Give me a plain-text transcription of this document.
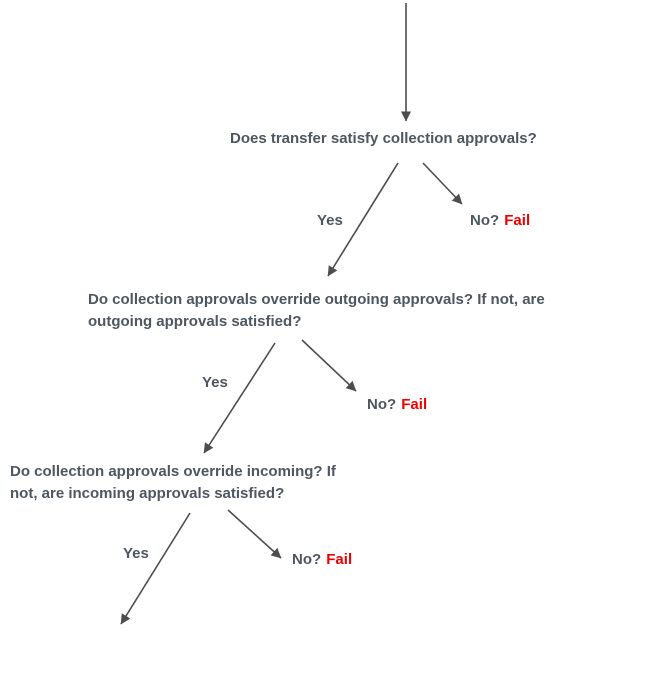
Does transfer satisfy collection approvals?
Yes	No? Fail
Do collection approvals override outgoing approvals? If not, are
outgoing approvals satisfied?
Yes
No? Fail
Do collection approvals override incoming? If
not, are incoming approvals satisfied?
Yes	No? Fail
